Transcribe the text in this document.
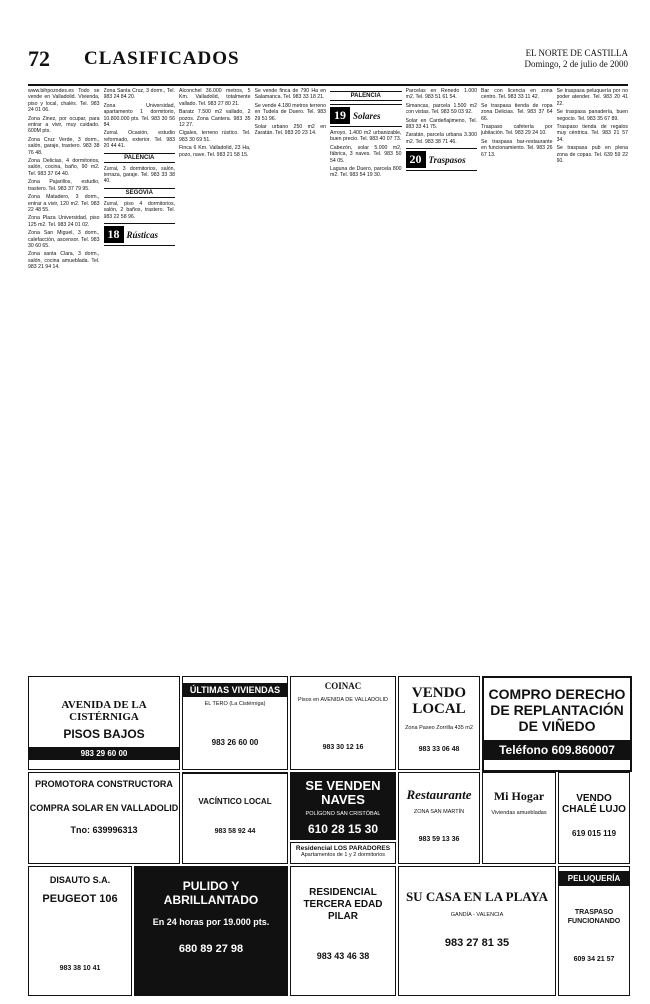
72 CLASIFICADOS	EL NORTE DE CASTILLA
Domingo, 2 de julio de 2000

www.bihpozodes.es Todo se vende en Valladolid. Vivienda, piso y local, chalés. Tel. 983 24 01 06.

Zona Zinez, por ocupar, para entrar a vivir, muy cuidado. 600M pts.

Zona Cruz Verde, 3 dorm., salón, garaje, trastero. 983 38 76 48.

Zona Delicias, 4 dormitorios, salón, cocina, baño, 90 m2. Tel. 983 37 64 40.

Zona Pajarillos, estudio, trastero. Tel. 983 37 79 95.

Zona Matadero, 3 dorm., entrar a vivir, 120 m2. Tel. 983 22 48 55.

Zona Plaza Universidad, piso 125 m2. Tel. 983 24 01 02.

Zona San Miguel, 3 dorm., calefacción, ascensor. Tel. 983 30 60 65.

Zona santa Clara, 3 dorm., salón, cocina amueblada. Tel. 983 21 94 14.

Zona Santa Cruz, 3 dorm., Tel. 983 24 84 20.

Zona Universidad, apartamento 1 dormitorio, 10.800.000 pts. Tel. 983 30 56 84.

Zurral. Ocasión, estudio reformado, exterior. Tel. 983 20 44 41.

PALENCIA

Zurral, 3 dormitorios, salón, terraza, garaje. Tel. 983 33 38 40.

SEGOVIA

Zurral, piso 4 dormitorios, salón, 2 baños, trastero. Tel. 983 22 58 96.

18 Rústicas

Alconchel 36.000 metros, 5 Km. Valladolid, totalmente vallado. Tel. 983 27 80 21.

Baratz 7.500 m2 vallado, 2 pozos. Zona Cantera. 983 35 12 27.

Cigales, terreno rústico. Tel. 983 30 69 51.

Finca 6 Km. Valladolid, 23 Ha, pozo, nave. Tel. 983 21 58 15.

Se vende finca de 790 Ha en Salamanca. Tel. 983 33 18 21.

Se vende 4.180 metros terreno en Tudela de Duero. Tel. 983 29 51 96.

Solar urbano 250 m2 en Zaratán. Tel. 983 20 23 14.

PALENCIA
19 Solares

Arroyo, 1.400 m2 urbanizable, buen precio. Tel. 983 40 07 73.

Cabezón, solar 5.000 m2, fábrica, 3 naves. Tel. 983 50 54 05.

Laguna de Duero, parcela 800 m2. Tel. 983 54 19 30.

Parcelas en Renedo 1.000 m2. Tel. 983 51 61 54.

Simancas, parcela 1.500 m2 con vistas. Tel. 983 59 03 92.

Solar en Cardeñajimeno, Tel. 983 33 41 75.

Zaratán, parcela urbana 3.300 m2. Tel. 983 38 71 46.

20 Traspasos

Bar con licencia en zona centro. Tel. 983 33 11 42.

Se traspasa tienda de ropa zona Delicias. Tel. 983 37 64 66.

Traspaso cafetería por jubilación. Tel. 983 29 24 10.

Se traspasa bar-restaurante en funcionamiento. Tel. 983 26 67 13.

Se traspasa peluquería por no poder atender. Tel. 983 20 41 22.

Se traspasa panadería, buen negocio. Tel. 983 35 67 89.

Traspaso tienda de regalos muy céntrica. Tel. 983 21 57 34.

Se traspasa pub en plena zona de copas. Tel. 639 59 22 60.

AVENIDA DE LA CISTÉRNIGA
PISOS BAJOS
983 29 60 00
ÚLTIMAS VIVIENDAS
EL TERO (La Cistérniga)
983 26 60 00
COINAC
Pisos en AVENIDA DE VALLADOLID
983 30 12 16
VENDO LOCAL
Zona Paseo Zorrilla 435 m2
983 33 06 48
COMPRO DERECHO
DE REPLANTACIÓN
DE VIÑEDO
Teléfono 609.860007
PROMOTORA CONSTRUCTORA
COMPRA SOLAR EN VALLADOLID
Tno: 639996313
VACÍNTICO LOCAL
983 58 92 44
SE VENDEN NAVES
POLÍGONO SAN CRISTÓBAL
610 28 15 30
Restaurante
ZONA SAN MARTÍN
983 59 13 36
Mi Hogar
Viviendas amuebladas
VENDO CHALÉ LUJO
619 015 119
Residencial LOS PARADORES
Apartamentos de 1 y 2 dormitorios
DISAUTO S.A.
PEUGEOT 106
983 38 10 41
PULIDO Y ABRILLANTADO
En 24 horas por 19.000 pts.
680 89 27 98
RESIDENCIAL TERCERA EDAD PILAR
983 43 46 38
SU CASA EN LA PLAYA
GANDÍA - VALENCIA
983 27 81 35
PELUQUERÍA
TRASPASO FUNCIONANDO
609 34 21 57
